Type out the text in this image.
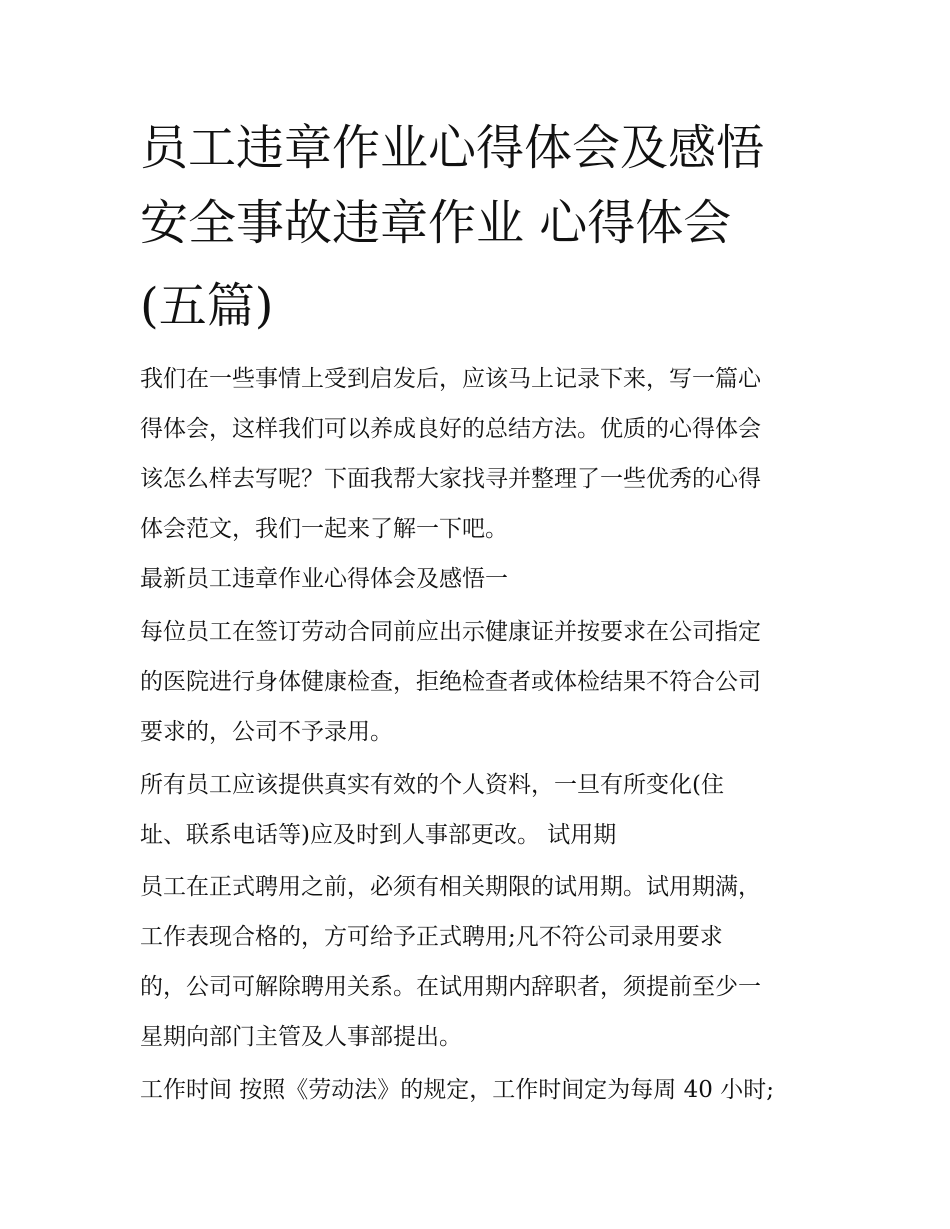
员工违章作业心得体会及感悟
安全事故违章作业 心得体会
(五篇)

我们在一些事情上受到启发后，应该马上记录下来，写一篇心

得体会，这样我们可以养成良好的总结方法。优质的心得体会

该怎么样去写呢？下面我帮大家找寻并整理了一些优秀的心得

体会范文，我们一起来了解一下吧。

最新员工违章作业心得体会及感悟一

每位员工在签订劳动合同前应出示健康证并按要求在公司指定

的医院进行身体健康检查，拒绝检查者或体检结果不符合公司

要求的，公司不予录用。

所有员工应该提供真实有效的个人资料，一旦有所变化(住

址、联系电话等)应及时到人事部更改。 试用期

员工在正式聘用之前，必须有相关期限的试用期。试用期满，

工作表现合格的，方可给予正式聘用;凡不符公司录用要求

的，公司可解除聘用关系。在试用期内辞职者，须提前至少一

星期向部门主管及人事部提出。

工作时间 按照《劳动法》的规定，工作时间定为每周 40 小时;
